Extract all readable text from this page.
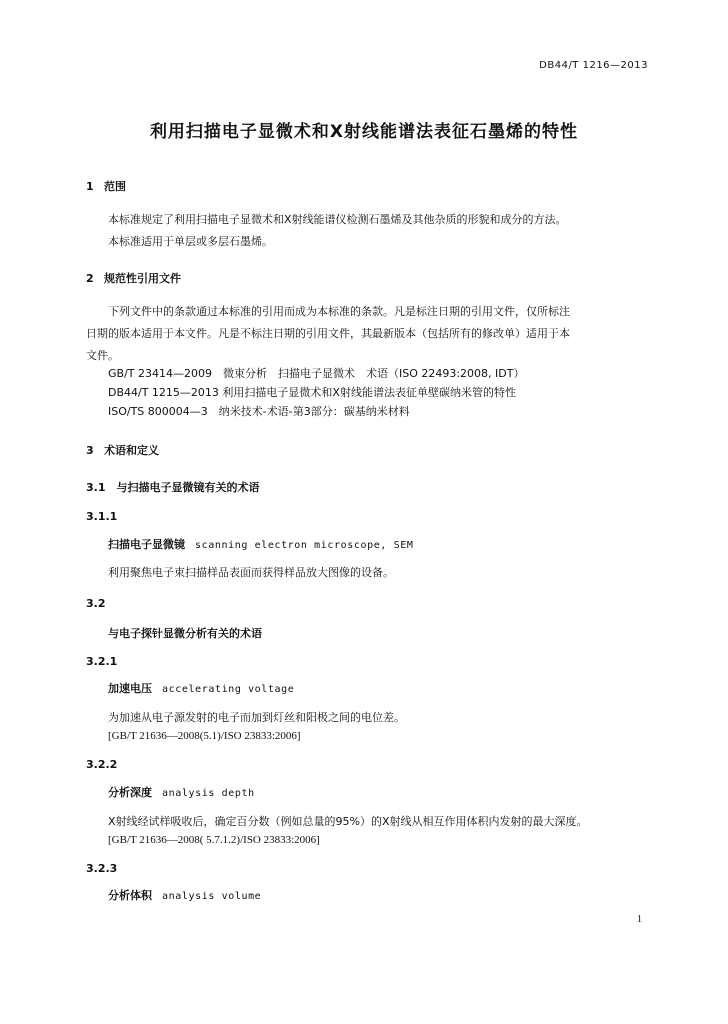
DB44/T 1216—2013
利用扫描电子显微术和X射线能谱法表征石墨烯的特性
1 范围
本标准规定了利用扫描电子显微术和X射线能谱仪检测石墨烯及其他杂质的形貌和成分的方法。
本标准适用于单层或多层石墨烯。
2 规范性引用文件
下列文件中的条款通过本标准的引用而成为本标准的条款。凡是标注日期的引用文件，仅所标注
日期的版本适用于本文件。凡是不标注日期的引用文件，其最新版本（包括所有的修改单）适用于本
文件。
GB/T 23414—2009　微束分析　扫描电子显微术　术语（ISO 22493:2008, IDT）
DB44/T 1215—2013 利用扫描电子显微术和X射线能谱法表征单壁碳纳米管的特性
ISO/TS 800004—3　纳米技术-术语-第3部分：碳基纳米材料
3 术语和定义
3.1　 与扫描电子显微镜有关的术语
3.1.1
扫描电子显微镜 scanning electron microscope, SEM
利用聚焦电子束扫描样品表面而获得样品放大图像的设备。
3.2
与电子探针显微分析有关的术语
3.2.1
加速电压 accelerating voltage
为加速从电子源发射的电子而加到灯丝和阳极之间的电位差。
[GB/T 21636—2008(5.1)/ISO 23833:2006]
3.2.2
分析深度 analysis depth
X射线经试样吸收后，确定百分数（例如总量的95%）的X射线从相互作用体积内发射的最大深度。
[GB/T 21636—2008( 5.7.1.2)/ISO 23833:2006]
3.2.3
分析体积 analysis volume
1
